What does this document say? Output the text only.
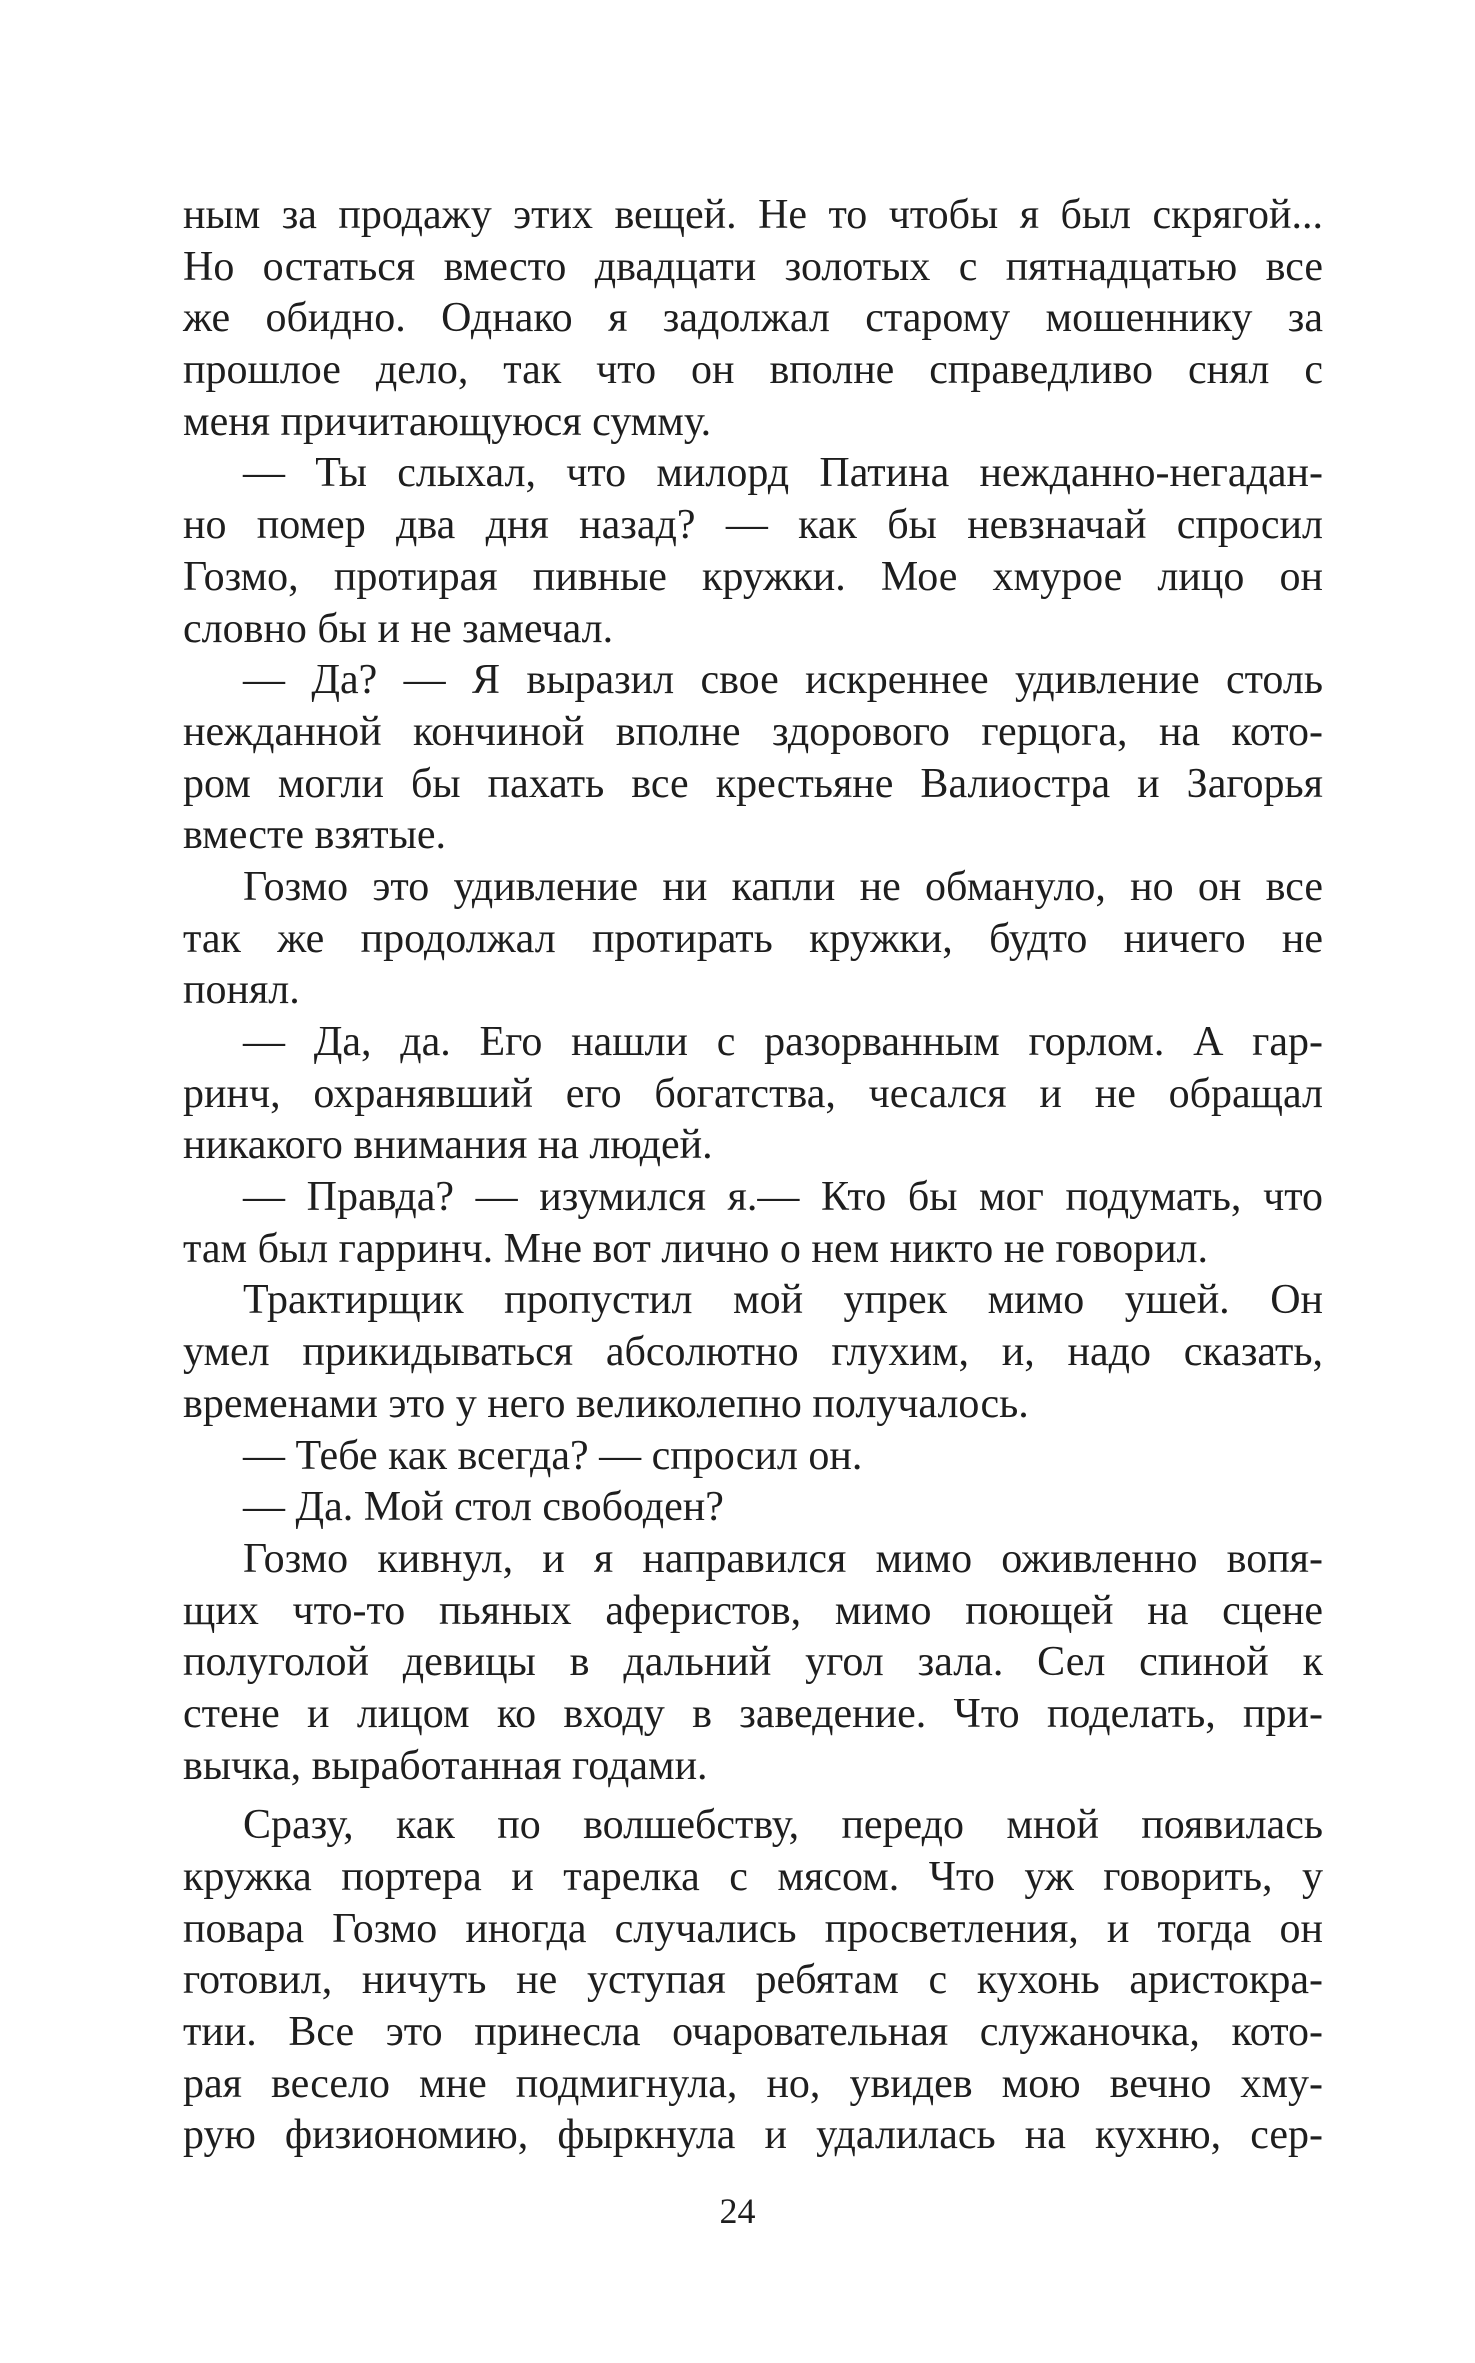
ным за продажу этих вещей. Не то чтобы я был скрягой...
Но остаться вместо двадцати золотых с пятнадцатью все
же обидно. Однако я задолжал старому мошеннику за
прошлое дело, так что он вполне справедливо снял с
меня причитающуюся сумму.
— Ты слыхал, что милорд Патина нежданно-негадан-
но помер два дня назад? — как бы невзначай спросил
Гозмо, протирая пивные кружки. Мое хмурое лицо он
словно бы и не замечал.
— Да? — Я выразил свое искреннее удивление столь
нежданной кончиной вполне здорового герцога, на кото-
ром могли бы пахать все крестьяне Валиостра и Загорья
вместе взятые.
Гозмо это удивление ни капли не обмануло, но он все
так же продолжал протирать кружки, будто ничего не
понял.
— Да, да. Его нашли с разорванным горлом. А гар-
ринч, охранявший его богатства, чесался и не обращал
никакого внимания на людей.
— Правда? — изумился я.— Кто бы мог подумать, что
там был гарринч. Мне вот лично о нем никто не говорил.
Трактирщик пропустил мой упрек мимо ушей. Он
умел прикидываться абсолютно глухим, и, надо сказать,
временами это у него великолепно получалось.
— Тебе как всегда? — спросил он.
— Да. Мой стол свободен?
Гозмо кивнул, и я направился мимо оживленно вопя-
щих что-то пьяных аферистов, мимо поющей на сцене
полуголой девицы в дальний угол зала. Сел спиной к
стене и лицом ко входу в заведение. Что поделать, при-
вычка, выработанная годами.
Сразу, как по волшебству, передо мной появилась
кружка портера и тарелка с мясом. Что уж говорить, у
повара Гозмо иногда случались просветления, и тогда он
готовил, ничуть не уступая ребятам с кухонь аристокра-
тии. Все это принесла очаровательная служаночка, кото-
рая весело мне подмигнула, но, увидев мою вечно хму-
рую физиономию, фыркнула и удалилась на кухню, сер-
24
